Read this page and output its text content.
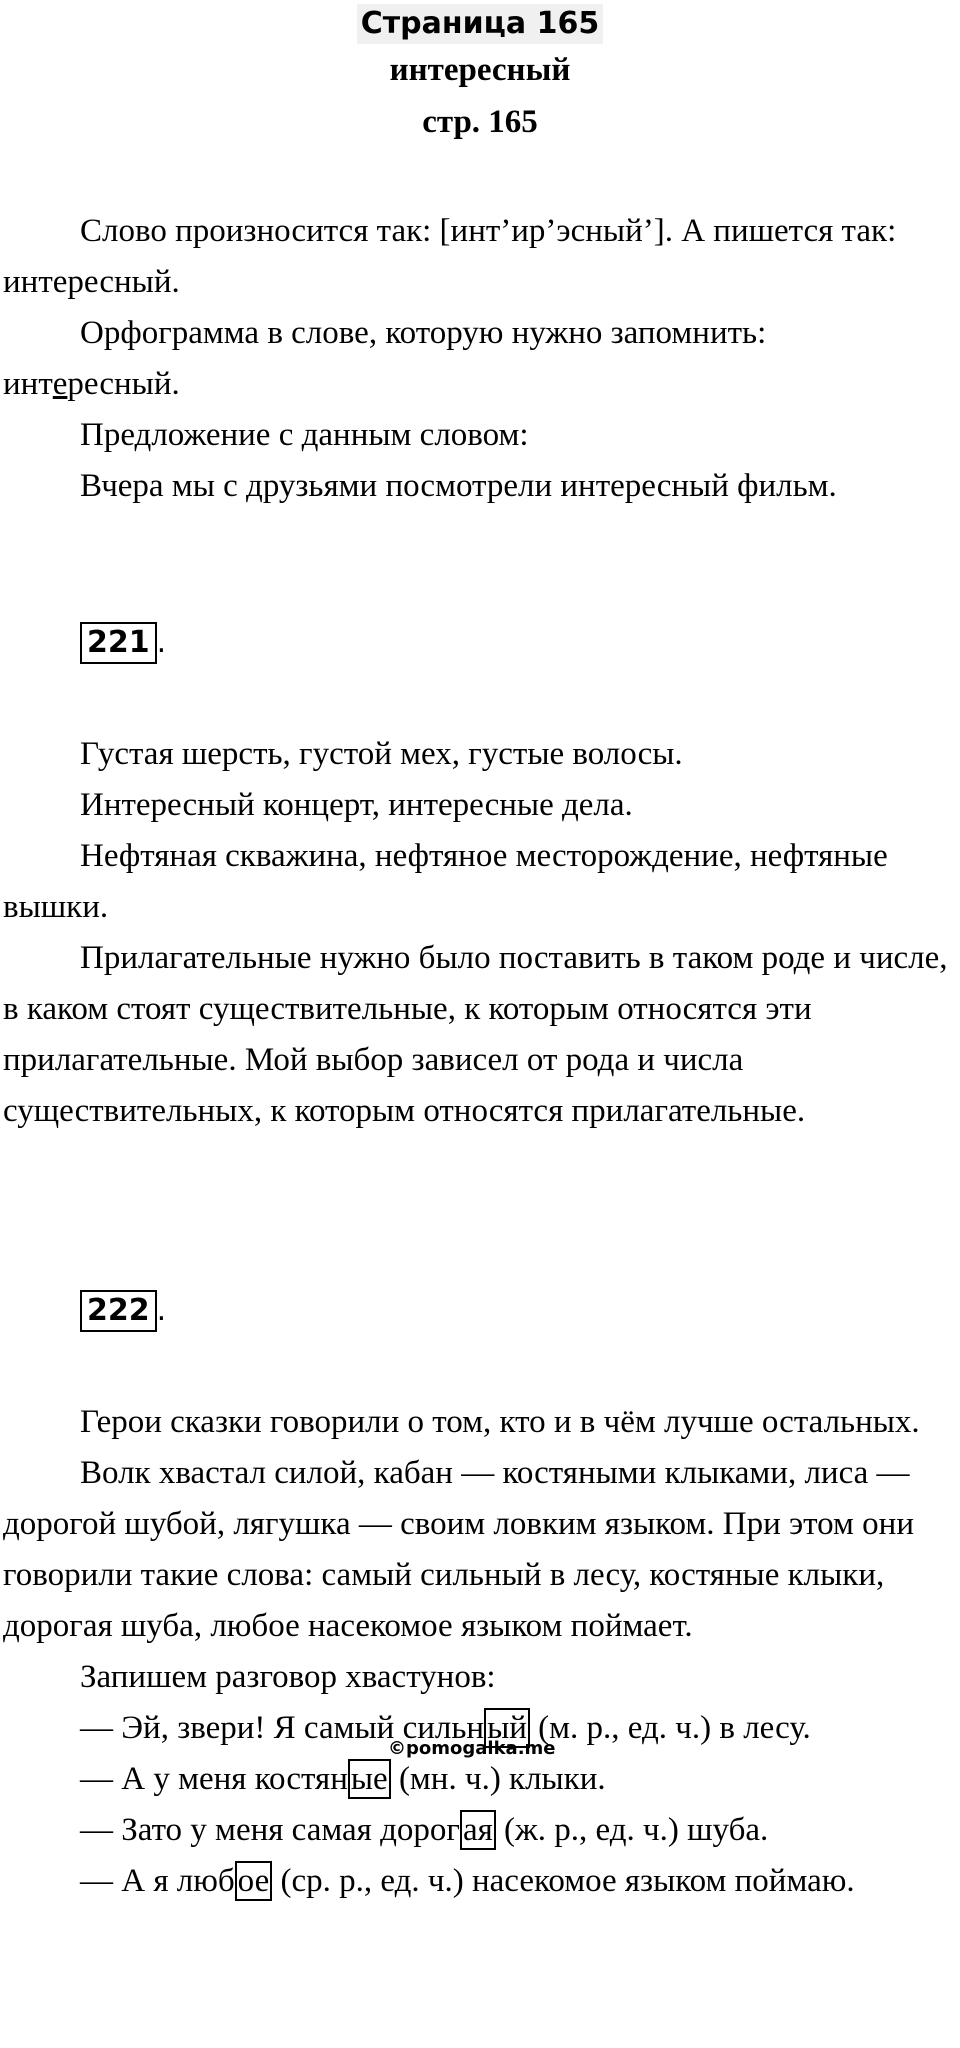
Страница 165
интересный
стр. 165

Слово произносится так: [инт’ир’эсный’]. А пишется так: интересный.

Орфограмма в слове, которую нужно запомнить:

интересный.

Предложение с данным словом:

Вчера мы с друзьями посмотрели интересный фильм.

221 .

Густая шерсть, густой мех, густые волосы.

Интересный концерт, интересные дела.

Нефтяная скважина, нефтяное месторождение, нефтяные вышки.

Прилагательные нужно было поставить в таком роде и числе, в каком стоят существительные, к которым относятся эти прилагательные. Мой выбор зависел от рода и числа существительных, к которым относятся прилагательные.

222 .

Герои сказки говорили о том, кто и в чём лучше остальных.

Волк хвастал силой, кабан — костяными клыками, лиса — дорогой шубой, лягушка — своим ловким языком. При этом они говорили такие слова: самый сильный в лесу, костяные клыки, дорогая шуба, любое насекомое языком поймает.

Запишем разговор хвастунов:

— Эй, звери! Я самый сильный (м. р., ед. ч.) в лесу.

— А у меня костяные (мн. ч.) клыки.

— Зато у меня самая дорогая (ж. р., ед. ч.) шуба.

— А я любое (ср. р., ед. ч.) насекомое языком поймаю.

©pomogalka.me
